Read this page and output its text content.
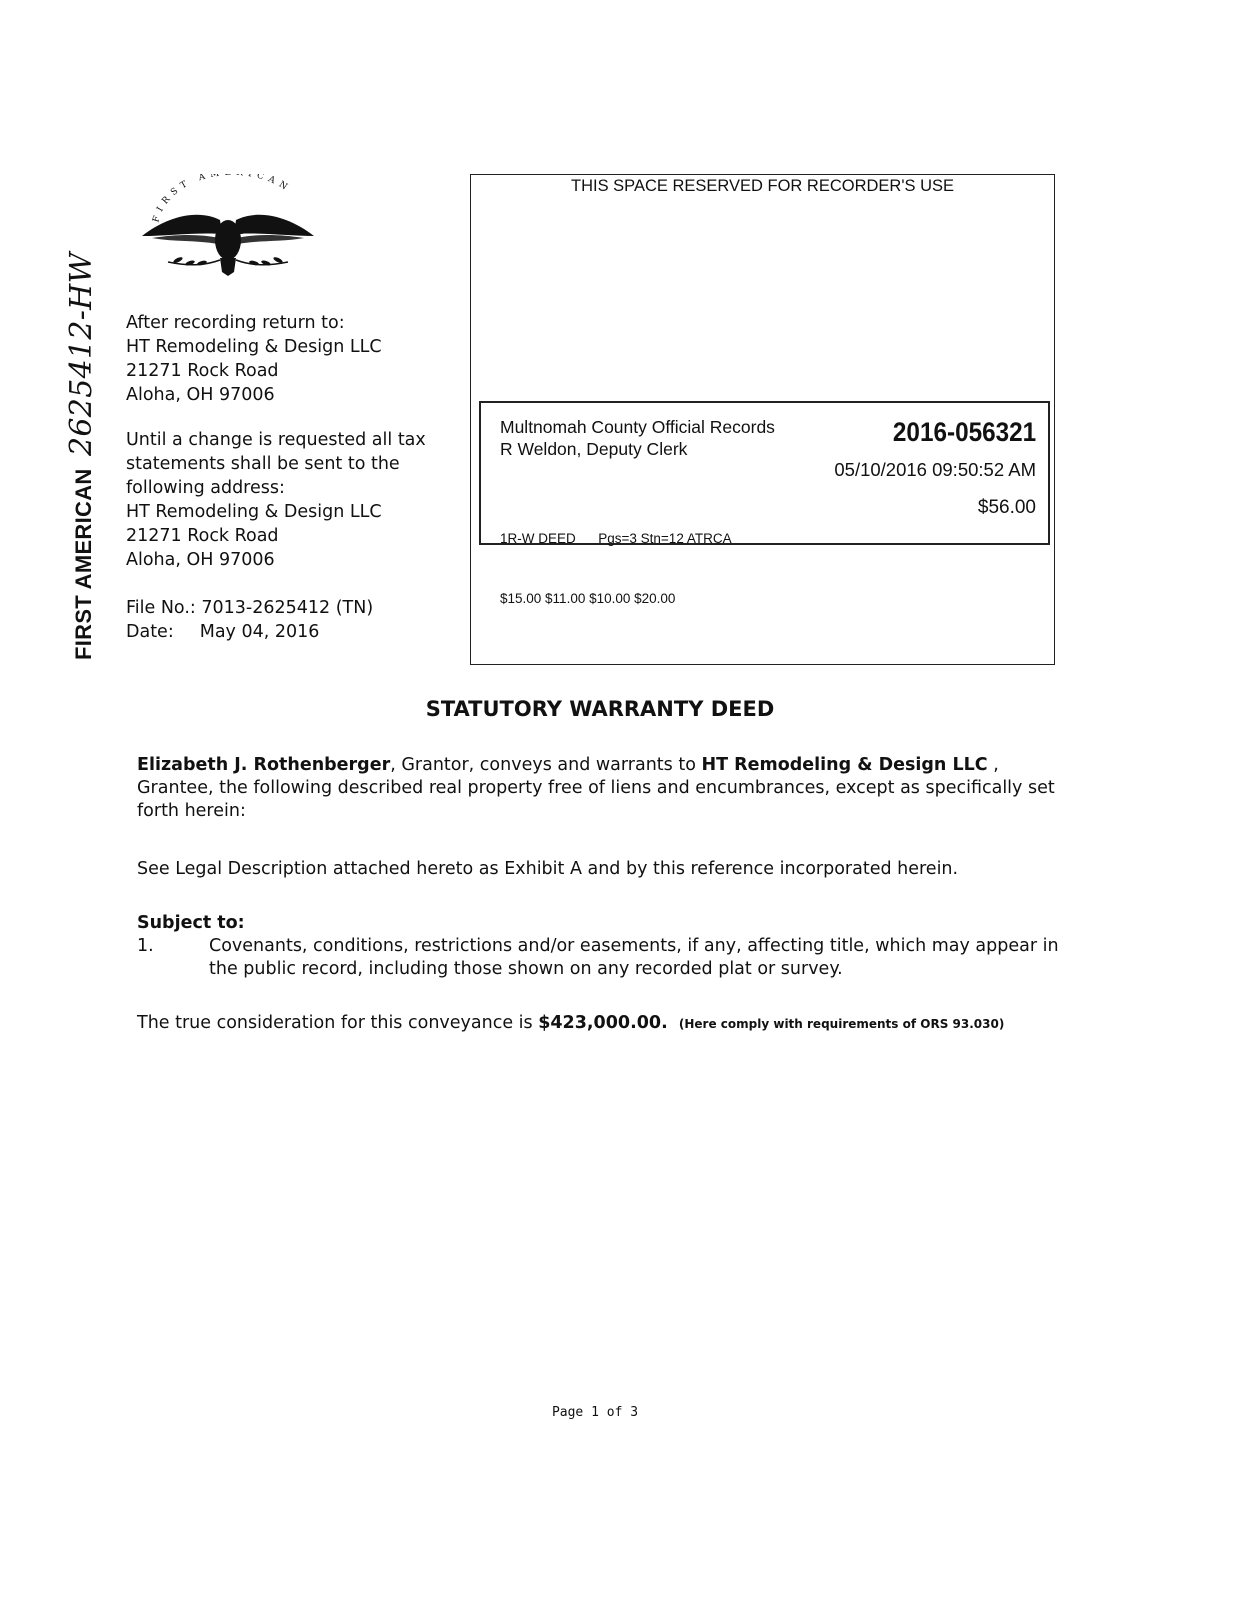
FIRST AMERICAN 2625412-HW
FIRST AM ICAN
After recording return to:
HT Remodeling & Design LLC
21271 Rock Road
Aloha, OH 97006
Until a change is requested all tax
statements shall be sent to the
following address:
HT Remodeling & Design LLC
21271 Rock Road
Aloha, OH 97006
File No.: 7013-2625412 (TN)
Date: May 04, 2016
THIS SPACE RESERVED FOR RECORDER'S USE
Multnomah County Official Records
R Weldon, Deputy Clerk
2016-056321
05/10/2016 09:50:52 AM

1R-W DEED      Pgs=3 Stn=12 ATRCA

$15.00 $11.00 $10.00 $20.00

$56.00
STATUTORY WARRANTY DEED
Elizabeth J. Rothenberger, Grantor, conveys and warrants to HT Remodeling & Design LLC ,
Grantee, the following described real property free of liens and encumbrances, except as specifically set
forth herein:
See Legal Description attached hereto as Exhibit A and by this reference incorporated herein.
Subject to:
1.	Covenants, conditions, restrictions and/or easements, if any, affecting title, which may appear in
the public record, including those shown on any recorded plat or survey.
The true consideration for this conveyance is $423,000.00. (Here comply with requirements of ORS 93.030)
Page 1 of 3
